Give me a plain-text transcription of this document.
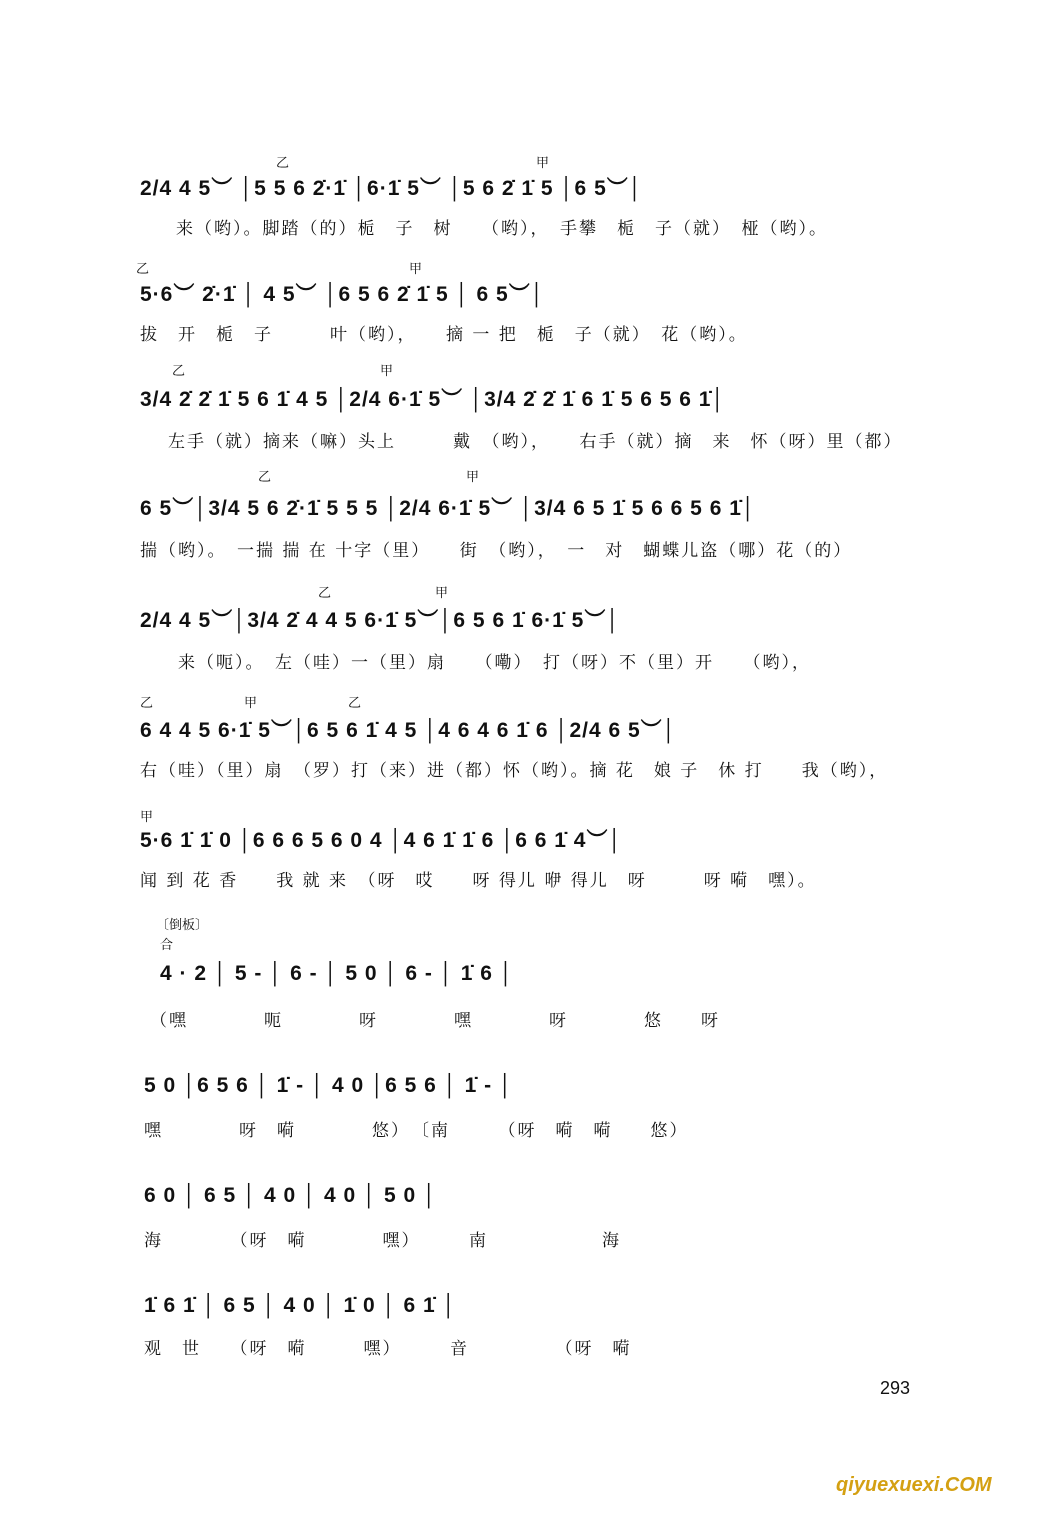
乙　　　　　　　　　　　　　　　　　　　甲
2/4 4 5︶ │5 5 6 2̇·1̇ │6·1̇ 5︶ │5 6 2̇ 1̇ 5 │6 5︶│
来（哟）。脚踏（的）栀　子　树　　（哟），　手攀　栀　子（就）　桠（哟）。
乙　　　　　　　　　　　　　　　　　　　　甲
5·6︶ 2̇·1̇ │ 4 5︶ │6 5 6 2̇ 1̇ 5 │ 6 5︶│
拔　开　栀　子　　　叶（哟），　　摘 一 把　栀　子（就）　花（哟）。
乙　　　　　　　　　　　　　　　甲
3/4 2̇ 2̇ 1̇ 5 6 1̇ 4 5 │2/4 6·1̇ 5︶ │3/4 2̇ 2̇ 1̇ 6 1̇ 5 6 5 6 1̇│
左手（就）摘来（嘛）头上　　　戴　（哟），　　右手（就）摘　来　怀（呀）里（都）
乙　　　　　　　　　　　　　　　甲
6 5︶│3/4 5 6 2̇·1̇ 5 5 5 │2/4 6·1̇ 5︶ │3/4 6 5 1̇ 5 6 6 5 6 1̇│
揣（哟）。　一揣 揣 在 十字（里）　　街　（哟），　一　对　蝴蝶儿盗（哪）花（的）
　　　　　　乙　　　　　　　　甲
2/4 4 5︶│3/4 2̇ 4 4 5 6·1̇ 5︶│6 5 6 1̇ 6·1̇ 5︶│
来（呃）。　左（哇）一（里）扇　　（嘞）　打（呀）不（里）开　　（哟），
乙　　　　　　　甲　　　　　　　乙
6 4 4 5 6·1̇ 5︶│6 5 6 1̇ 4 5 │4 6 4 6 1̇ 6 │2/4 6 5︶│
右（哇）（里）扇　（罗）打（来）进（都）怀（哟）。摘 花　娘 子　休 打　　我（哟），
甲
5·6 1̇ 1̇ 0 │6 6 6 5 6 0 4 │4 6 1̇ 1̇ 6 │6 6 1̇ 4︶│
闻 到 花 香　　我 就 来　（呀　哎　　呀 得儿 咿 得儿　呀　　　呀 嗬　嘿）。
〔倒板〕
合
4 · 2 │ 5 - │ 6 - │ 5 0 │ 6 - │ 1̇ 6 │
（嘿　　　　呃　　　　呀　　　　嘿　　　　呀　　　　悠　　呀
5 0 │6 5 6 │ 1̇ - │ 4 0 │6 5 6 │ 1̇ - │
嘿　　　　呀　嗬　　　　悠）　〔南　　　（呀　嗬　嗬　　悠）
6 0 │ 6 5 │ 4 0 │ 4 0 │ 5 0 │
海　　　　（呀　嗬　　　　嘿）　　　南　　　　　　海
1̇ 6 1̇ │ 6 5 │ 4 0 │ 1̇ 0 │ 6 1̇ │
观　世　　（呀　嗬　　　嘿）　　　音　　　　　（呀　嗬
293
qiyuexuexi.COM
